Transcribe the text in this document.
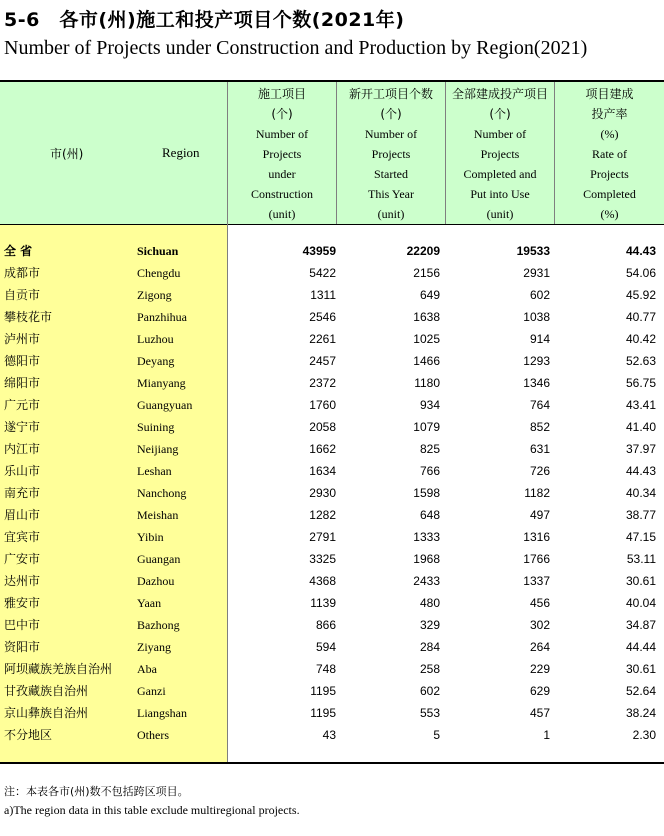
5-6　各市(州)施工和投产项目个数(2021年)
Number of Projects under Construction and Production by Region(2021)
市(州)	Region
施工项目
(个)
Number of
Projects
under
Construction
(unit)
新开工项目个数
(个)
Number of
Projects
Started
This Year
(unit)
全部建成投产项目
(个)
Number of
Projects
Completed and
Put into Use
(unit)
项目建成
投产率
(%)
Rate of
Projects
Completed
(%)
全 省	Sichuan	43959	22209	19533	44.43
成都市	Chengdu	5422	2156	2931	54.06
自贡市	Zigong	1311	649	602	45.92
攀枝花市	Panzhihua	2546	1638	1038	40.77
泸州市	Luzhou	2261	1025	914	40.42
德阳市	Deyang	2457	1466	1293	52.63
绵阳市	Mianyang	2372	1180	1346	56.75
广元市	Guangyuan	1760	934	764	43.41
遂宁市	Suining	2058	1079	852	41.40
内江市	Neijiang	1662	825	631	37.97
乐山市	Leshan	1634	766	726	44.43
南充市	Nanchong	2930	1598	1182	40.34
眉山市	Meishan	1282	648	497	38.77
宜宾市	Yibin	2791	1333	1316	47.15
广安市	Guangan	3325	1968	1766	53.11
达州市	Dazhou	4368	2433	1337	30.61
雅安市	Yaan	1139	480	456	40.04
巴中市	Bazhong	866	329	302	34.87
资阳市	Ziyang	594	284	264	44.44
阿坝藏族羌族自治州 Aba	748	258	229	30.61
甘孜藏族自治州	Ganzi	1195	602	629	52.64
京山彝族自治州	Liangshan	1195	553	457	38.24
不分地区	Others	43	5	1	2.30
注：本表各市(州)数不包括跨区项目。
a)The region data in this table exclude multiregional projects.
